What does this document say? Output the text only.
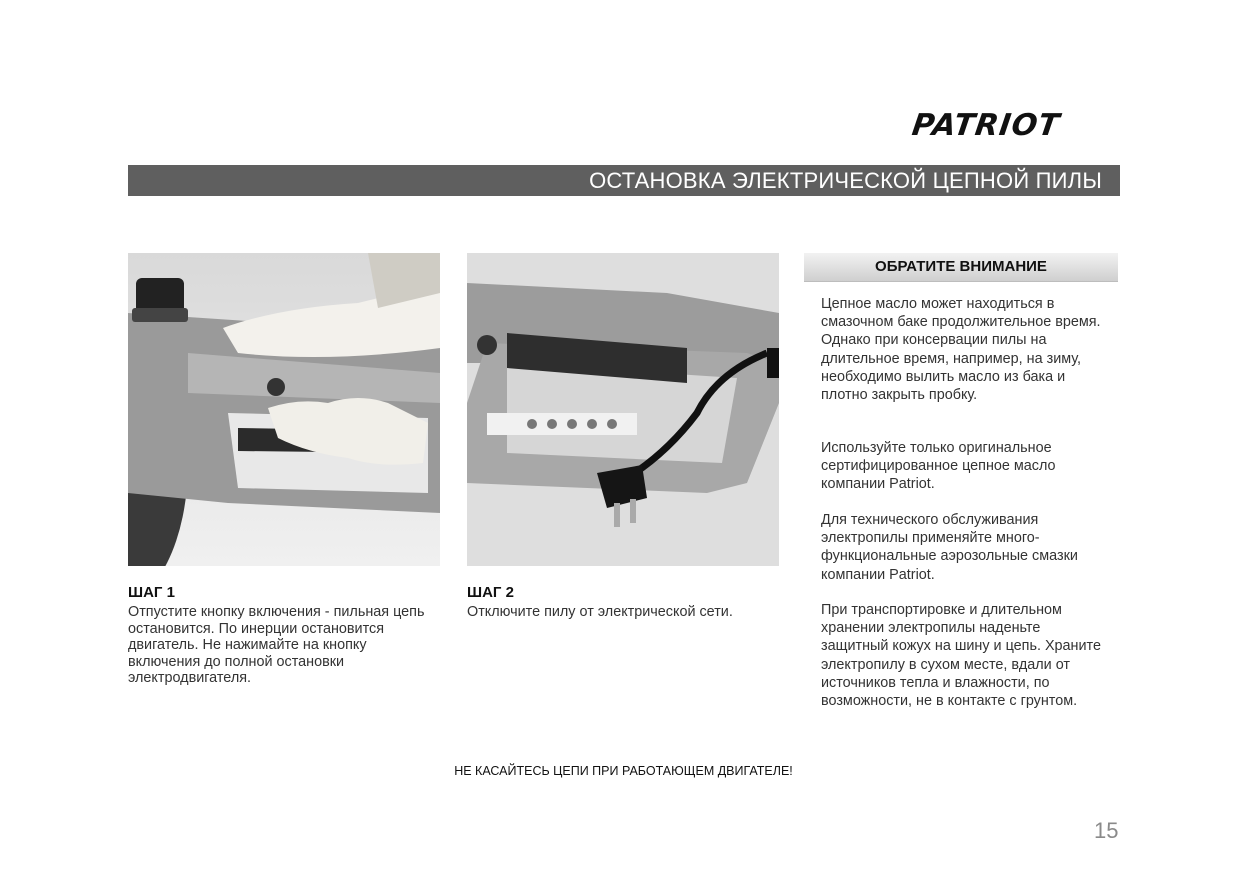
PATRIOT
ОСТАНОВКА ЭЛЕКТРИЧЕСКОЙ ЦЕПНОЙ ПИЛЫ
ШАГ 1
Отпустите кнопку включения - пильная цепь остановится. По инерции остановится двигатель. Не нажимайте на кнопку включения до полной остановки электродвигателя.
ШАГ 2
Отключите пилу от электрической сети.
ОБРАТИТЕ ВНИМАНИЕ
Цепное масло может находиться в смазочном баке продолжительное время. Однако при консервации пилы на длительное время, например, на зиму, необходимо вылить масло из бака и плотно закрыть пробку.
Используйте только оригинальное сертифицированное цепное масло компании Patriot.
Для технического обслуживания электропилы применяйте много-функциональные аэрозольные смазки компании Patriot.
При транспортировке и длительном хранении электропилы наденьте защитный кожух на шину и цепь. Храните электропилу в сухом месте, вдали от источников тепла и влажности, по возможности, не в контакте с грунтом.
НЕ КАСАЙТЕСЬ ЦЕПИ ПРИ РАБОТАЮЩЕМ ДВИГАТЕЛЕ!
15
